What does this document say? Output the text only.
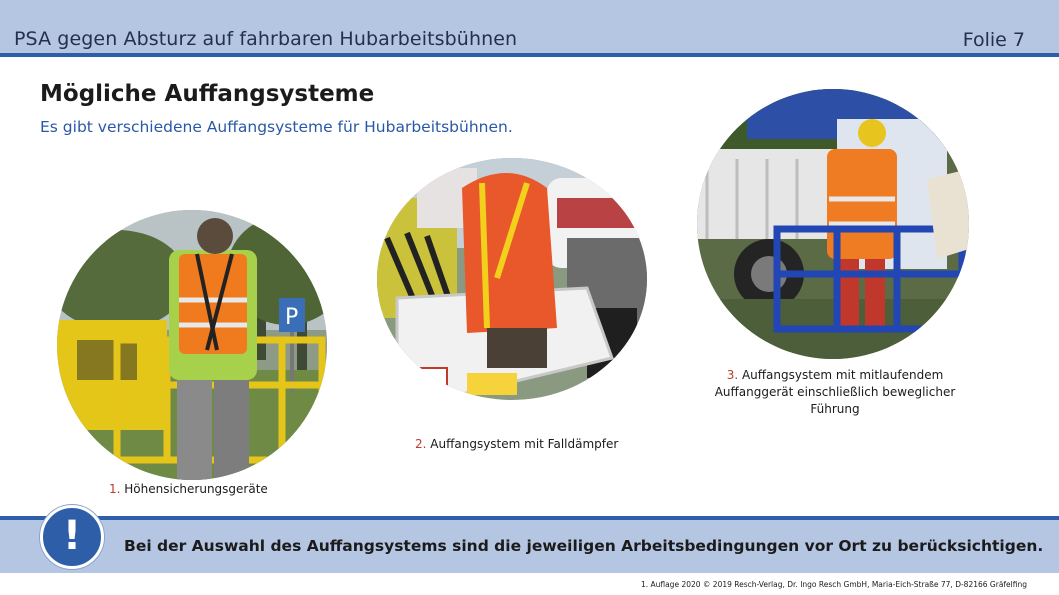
PSA gegen Absturz auf fahrbaren Hubarbeitsbühnen	Folie 7
Mögliche Auffangsysteme
Es gibt verschiedene Auffangsysteme für Hubarbeitsbühnen.
P
1. Höhensicherungsgeräte
2. Auffangsystem mit Falldämpfer
3. Auffangsystem mit mitlaufendem Auffanggerät einschließlich beweglicher Führung
!	Bei der Auswahl des Auffangsystems sind die jeweiligen Arbeitsbedingungen vor Ort zu berücksichtigen.
1. Auflage 2020 © 2019 Resch-Verlag, Dr. Ingo Resch GmbH, Maria-Eich-Straße 77, D-82166 Gräfelfing
